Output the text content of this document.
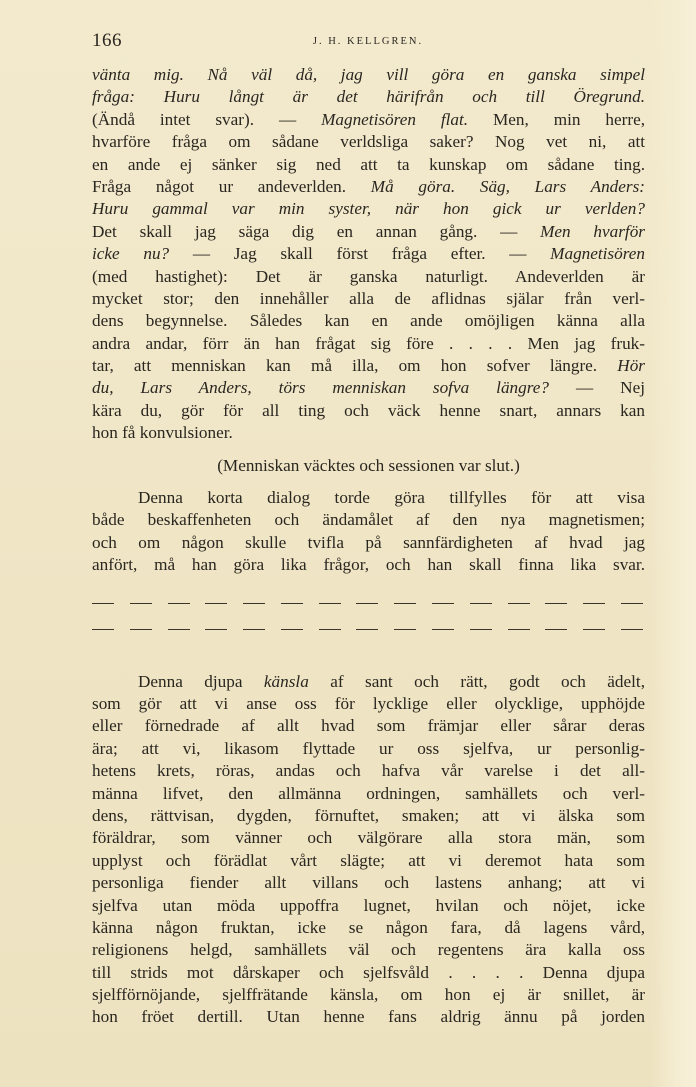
166	J. H. KELLGREN.
vänta mig. Nå väl då, jag vill göra en ganska simpel
fråga: Huru långt är det härifrån och till Öregrund.
(Ändå intet svar). — Magnetisören flat. Men, min herre,
hvarföre fråga om sådane verldsliga saker? Nog vet ni, att
en ande ej sänker sig ned att ta kunskap om sådane ting.
Fråga något ur andeverlden. Må göra. Säg, Lars Anders:
Huru gammal var min syster, när hon gick ur verlden?
Det skall jag säga dig en annan gång. — Men hvarför
icke nu? — Jag skall först fråga efter. — Magnetisören
(med hastighet): Det är ganska naturligt. Andeverlden är
mycket stor; den innehåller alla de aflidnas själar från verl-
dens begynnelse. Således kan en ande omöjligen känna alla
andra andar, förr än han frågat sig före . . . . Men jag fruk-
tar, att menniskan kan må illa, om hon sofver längre. Hör
du, Lars Anders, törs menniskan sofva längre? — Nej
kära du, gör för all ting och väck henne snart, annars kan
hon få konvulsioner.
(Menniskan väcktes och sessionen var slut.)
Denna korta dialog torde göra tillfylles för att visa
både beskaffenheten och ändamålet af den nya magnetismen;
och om någon skulle tvifla på sannfärdigheten af hvad jag
anfört, må han göra lika frågor, och han skall finna lika svar.
Denna djupa känsla af sant och rätt, godt och ädelt,
som gör att vi anse oss för lycklige eller olycklige, upphöjde
eller förnedrade af allt hvad som främjar eller sårar deras
ära; att vi, likasom flyttade ur oss sjelfva, ur personlig-
hetens krets, röras, andas och hafva vår varelse i det all-
männa lifvet, den allmänna ordningen, samhällets och verl-
dens, rättvisan, dygden, förnuftet, smaken; att vi älska som
föräldrar, som vänner och välgörare alla stora män, som
upplyst och förädlat vårt slägte; att vi deremot hata som
personliga fiender allt villans och lastens anhang; att vi
sjelfva utan möda uppoffra lugnet, hvilan och nöjet, icke
känna någon fruktan, icke se någon fara, då lagens vård,
religionens helgd, samhällets väl och regentens ära kalla oss
till strids mot dårskaper och sjelfsvåld . . . . Denna djupa
sjelfförnöjande, sjelffrätande känsla, om hon ej är snillet, är
hon fröet dertill. Utan henne fans aldrig ännu på jorden
